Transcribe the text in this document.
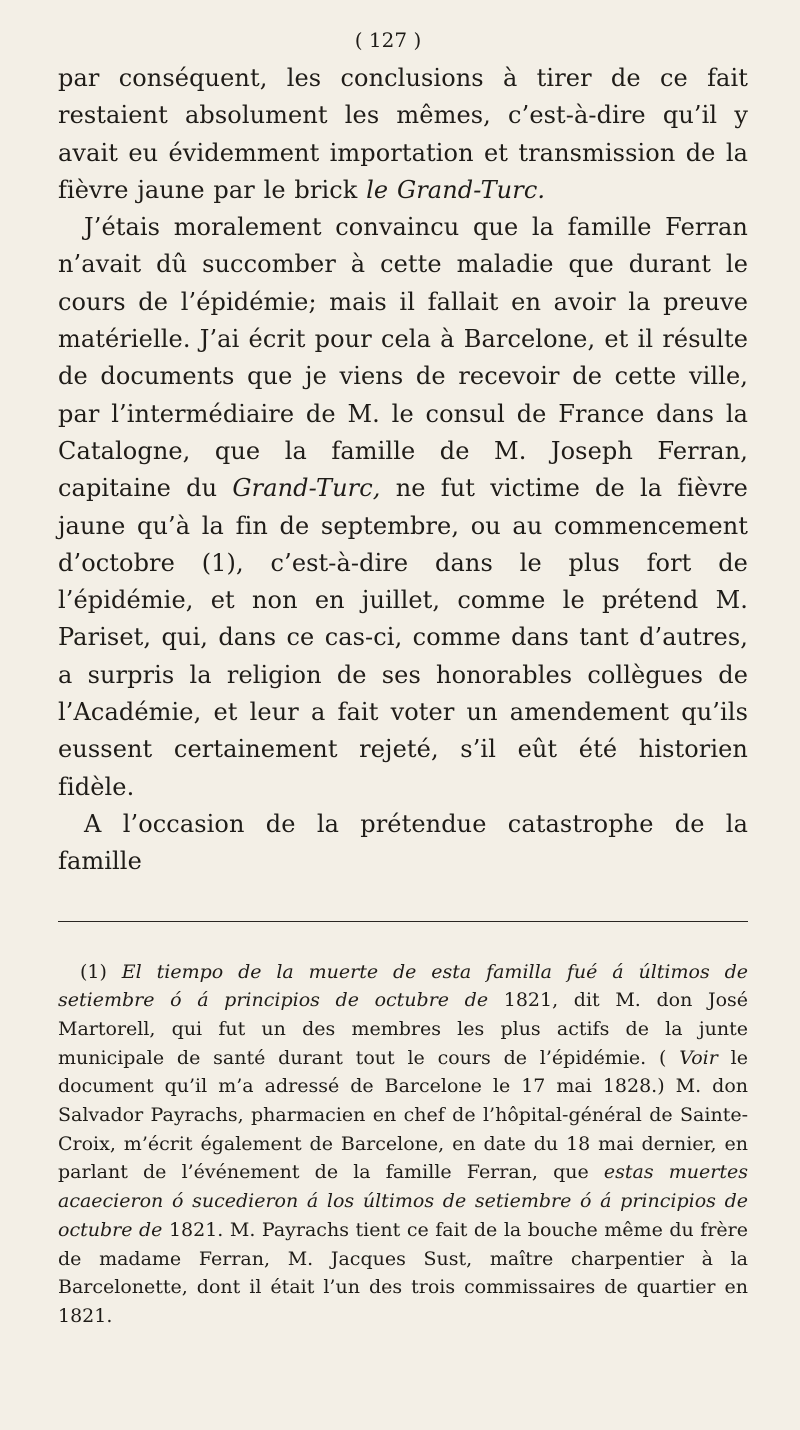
( 127 )

par conséquent, les conclusions à tirer de ce fait restaient absolument les mêmes, c’est-à-dire qu’il y avait eu évidemment importation et transmission de la fièvre jaune par le brick le Grand-Turc.

J’étais moralement convaincu que la famille Ferran n’avait dû succomber à cette maladie que durant le cours de l’épidémie; mais il fallait en avoir la preuve matérielle. J’ai écrit pour cela à Barcelone, et il résulte de documents que je viens de recevoir de cette ville, par l’intermédiaire de M. le consul de France dans la Catalogne, que la famille de M. Joseph Ferran, capitaine du Grand-Turc, ne fut victime de la fièvre jaune qu’à la fin de septembre, ou au commencement d’octobre (1), c’est-à-dire dans le plus fort de l’épidémie, et non en juillet, comme le prétend M. Pariset, qui, dans ce cas-ci, comme dans tant d’autres, a surpris la religion de ses honorables collègues de l’Académie, et leur a fait voter un amendement qu’ils eussent certainement rejeté, s’il eût été historien fidèle.

A l’occasion de la prétendue catastrophe de la famille

(1) El tiempo de la muerte de esta familla fué á últimos de setiembre ó á principios de octubre de 1821, dit M. don José Martorell, qui fut un des membres les plus actifs de la junte municipale de santé durant tout le cours de l’épidémie. ( Voir le document qu’il m’a adressé de Barcelone le 17 mai 1828.) M. don Salvador Payrachs, pharmacien en chef de l’hôpital-général de Sainte-Croix, m’écrit également de Barcelone, en date du 18 mai dernier, en parlant de l’événement de la famille Ferran, que estas muertes acaecieron ó sucedieron á los últimos de setiembre ó á principios de octubre de 1821. M. Payrachs tient ce fait de la bouche même du frère de madame Ferran, M. Jacques Sust, maître charpentier à la Barcelonette, dont il était l’un des trois commissaires de quartier en 1821.
